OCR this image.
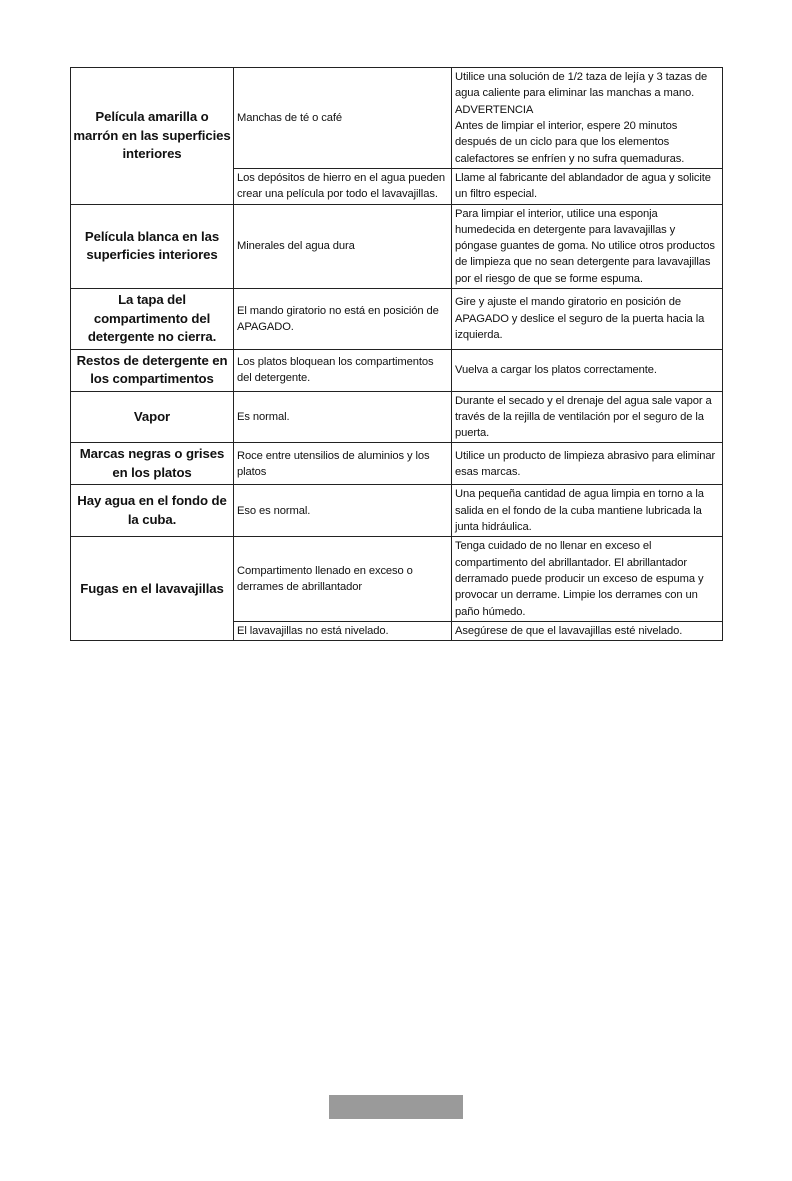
Película amarilla o marrón en las superficies interiores	Manchas de té o café	Utilice una solución de 1/2 taza de lejía y 3 tazas de agua caliente para eliminar las manchas a mano.
ADVERTENCIA
Antes de limpiar el interior, espere 20 minutos después de un ciclo para que los elementos calefactores se enfríen y no sufra quemaduras.

	Los depósitos de hierro en el agua pueden crear una película por todo el lavavajillas.	Llame al fabricante del ablandador de agua y solicite un filtro especial.

Película blanca en las superficies interiores	Minerales del agua dura	Para limpiar el interior, utilice una esponja humedecida en detergente para lavavajillas y póngase guantes de goma. No utilice otros productos de limpieza que no sean detergente para lavavajillas por el riesgo de que se forme espuma.

La tapa del compartimento del detergente no cierra.	El mando giratorio no está en posición de APAGADO.	Gire y ajuste el mando giratorio en posición de APAGADO y deslice el seguro de la puerta hacia la izquierda.

Restos de detergente en los compartimentos	Los platos bloquean los compartimentos del detergente.	Vuelva a cargar los platos correctamente.

Vapor	Es normal.	Durante el secado y el drenaje del agua sale vapor a través de la rejilla de ventilación por el seguro de la puerta.

Marcas negras o grises en los platos	Roce entre utensilios de aluminios y los platos	Utilice un producto de limpieza abrasivo para eliminar esas marcas.

Hay agua en el fondo de la cuba.	Eso es normal.	Una pequeña cantidad de agua limpia en torno a la salida en el fondo de la cuba mantiene lubricada la junta hidráulica.

Fugas en el lavavajillas	Compartimento llenado en exceso o derrames de abrillantador	Tenga cuidado de no llenar en exceso el compartimento del abrillantador. El abrillantador derramado puede producir un exceso de espuma y provocar un derrame. Limpie los derrames con un paño húmedo.

	El lavavajillas no está nivelado.	Asegúrese de que el lavavajillas esté nivelado.
